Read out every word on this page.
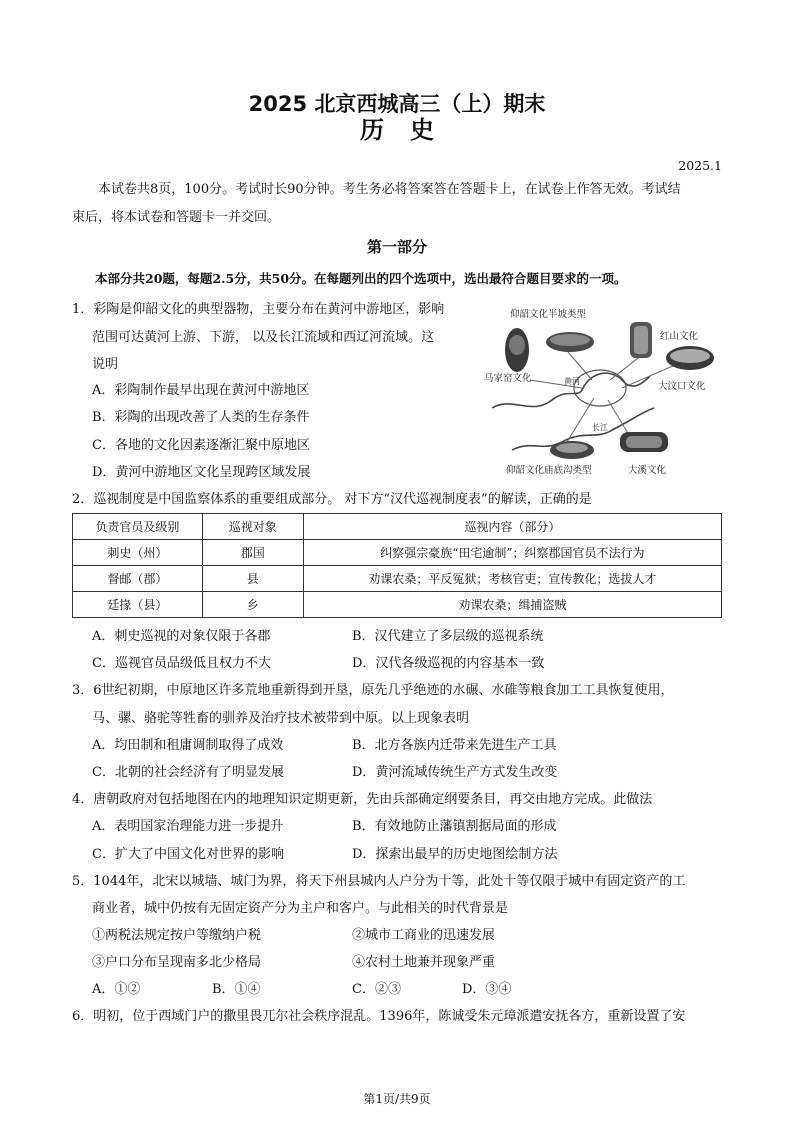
2025 北京西城高三（上）期末
历史
2025.1
本试卷共8页，100分。考试时长90分钟。考生务必将答案答在答题卡上，在试卷上作答无效。考试结
束后，将本试卷和答题卡一并交回。
第一部分
本部分共20题，每题2.5分，共50分。在每题列出的四个选项中，选出最符合题目要求的一项。
1．彩陶是仰韶文化的典型器物，主要分布在黄河中游地区，影响
范围可达黄河上游、下游， 以及长江流域和西辽河流域。这
说明
A．彩陶制作最早出现在黄河中游地区
B．彩陶的出现改善了人类的生存条件
C．各地的文化因素逐渐汇聚中原地区
D．黄河中游地区文化呈现跨区域发展
仰韶文化半坡类型
红山文化
马家窑文化
大汶口文化
仰韶文化庙底沟类型	大溪文化
黄河
长江
2．巡视制度是中国监察体系的重要组成部分。 对下方“汉代巡视制度表”的解读，正确的是
负责官员及级别	巡视对象	巡视内容（部分）
刺史（州）	郡国	纠察强宗豪族“田宅逾制”；纠察郡国官员不法行为
督邮（郡）	县	劝课农桑；平反冤狱；考核官吏；宣传教化；选拔人才
廷掾（县）	乡	劝课农桑；缉捕盗贼
A．刺史巡视的对象仅限于各郡	B．汉代建立了多层级的巡视系统
C．巡视官员品级低且权力不大	D．汉代各级巡视的内容基本一致
3．6世纪初期，中原地区许多荒地重新得到开垦，原先几乎绝迹的水碾、水碓等粮食加工工具恢复使用，
马、骡、骆驼等牲畜的驯养及治疗技术被带到中原。以上现象表明
A．均田制和租庸调制取得了成效	B．北方各族内迁带来先进生产工具
C．北朝的社会经济有了明显发展	D．黄河流域传统生产方式发生改变
4．唐朝政府对包括地图在内的地理知识定期更新，先由兵部确定纲要条目，再交由地方完成。此做法
A．表明国家治理能力进一步提升	B．有效地防止藩镇割据局面的形成
C．扩大了中国文化对世界的影响	D．探索出最早的历史地图绘制方法
5．1044年，北宋以城墙、城门为界，将天下州县城内人户分为十等，此处十等仅限于城中有固定资产的工
商业者，城中仍按有无固定资产分为主户和客户。与此相关的时代背景是
①两税法规定按户等缴纳户税	②城市工商业的迅速发展
③户口分布呈现南多北少格局	④农村土地兼并现象严重
A．①②	B．①④	C．②③	D．③④
6．明初，位于西域门户的撒里畏兀尔社会秩序混乱。1396年，陈诚受朱元璋派遣安抚各方，重新设置了安
第1页/共9页
